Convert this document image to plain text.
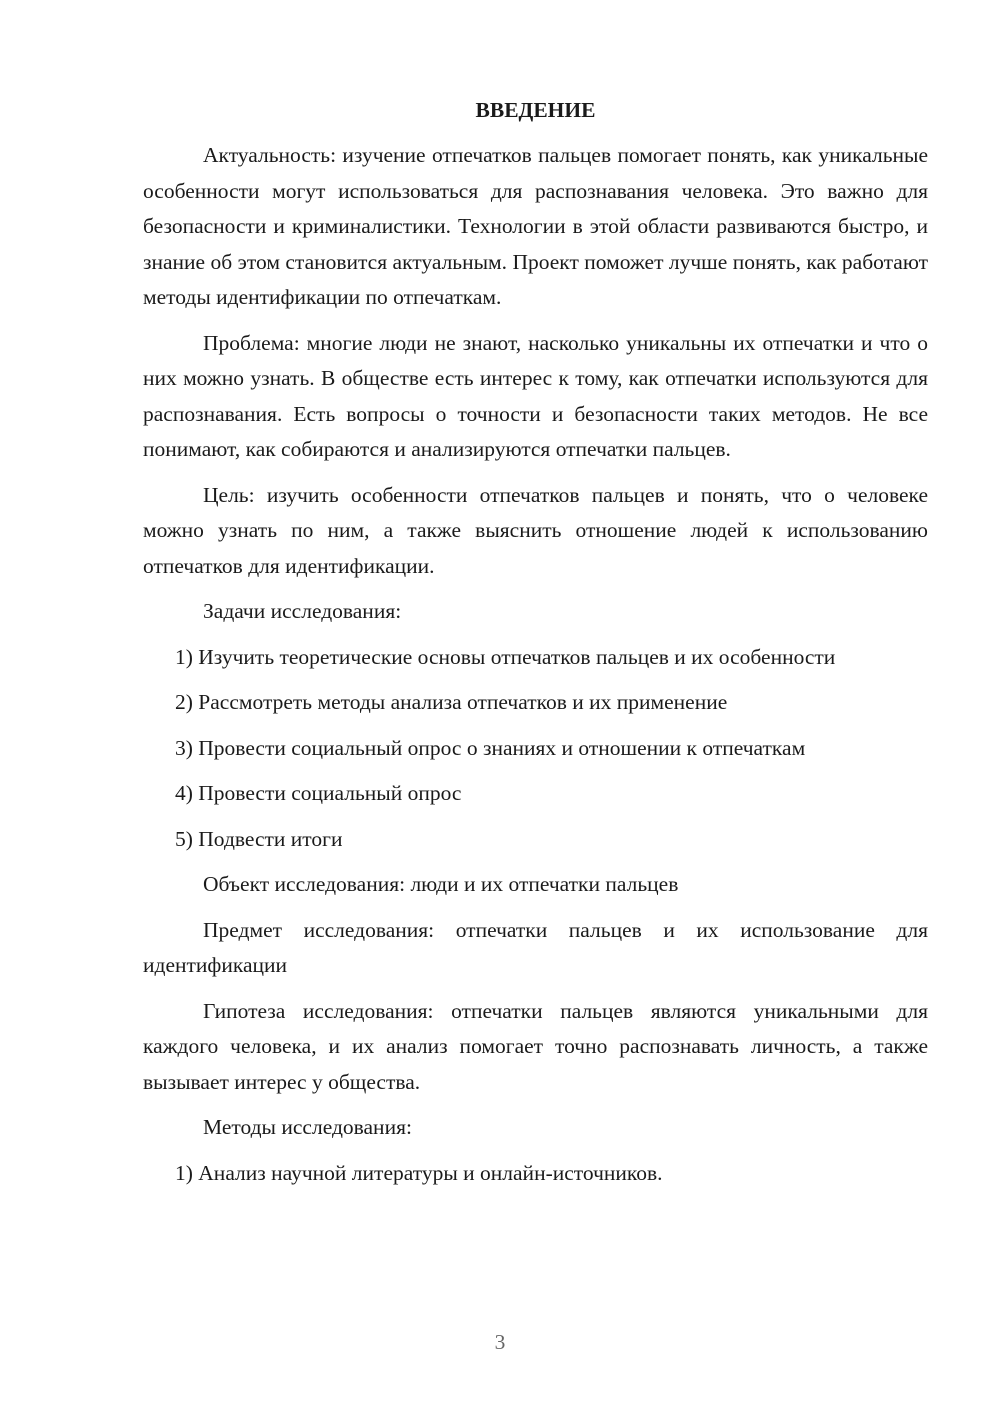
ВВЕДЕНИЕ

Актуальность: изучение отпечатков пальцев помогает понять, как уникальные особенности могут использоваться для распознавания человека. Это важно для безопасности и криминалистики. Технологии в этой области развиваются быстро, и знание об этом становится актуальным. Проект поможет лучше понять, как работают методы идентификации по отпечаткам.

Проблема: многие люди не знают, насколько уникальны их отпечатки и что о них можно узнать. В обществе есть интерес к тому, как отпечатки используются для распознавания. Есть вопросы о точности и безопасности таких методов. Не все понимают, как собираются и анализируются отпечатки пальцев.

Цель: изучить особенности отпечатков пальцев и понять, что о человеке можно узнать по ним, а также выяснить отношение людей к использованию отпечатков для идентификации.

Задачи исследования:

1) Изучить теоретические основы отпечатков пальцев и их особенности

2) Рассмотреть методы анализа отпечатков и их применение

3) Провести социальный опрос о знаниях и отношении к отпечаткам

4) Провести социальный опрос

5) Подвести итоги

Объект исследования: люди и их отпечатки пальцев

Предмет исследования: отпечатки пальцев и их использование для идентификации

Гипотеза исследования: отпечатки пальцев являются уникальными для каждого человека, и их анализ помогает точно распознавать личность, а также вызывает интерес у общества.

Методы исследования:

1) Анализ научной литературы и онлайн-источников.

3
